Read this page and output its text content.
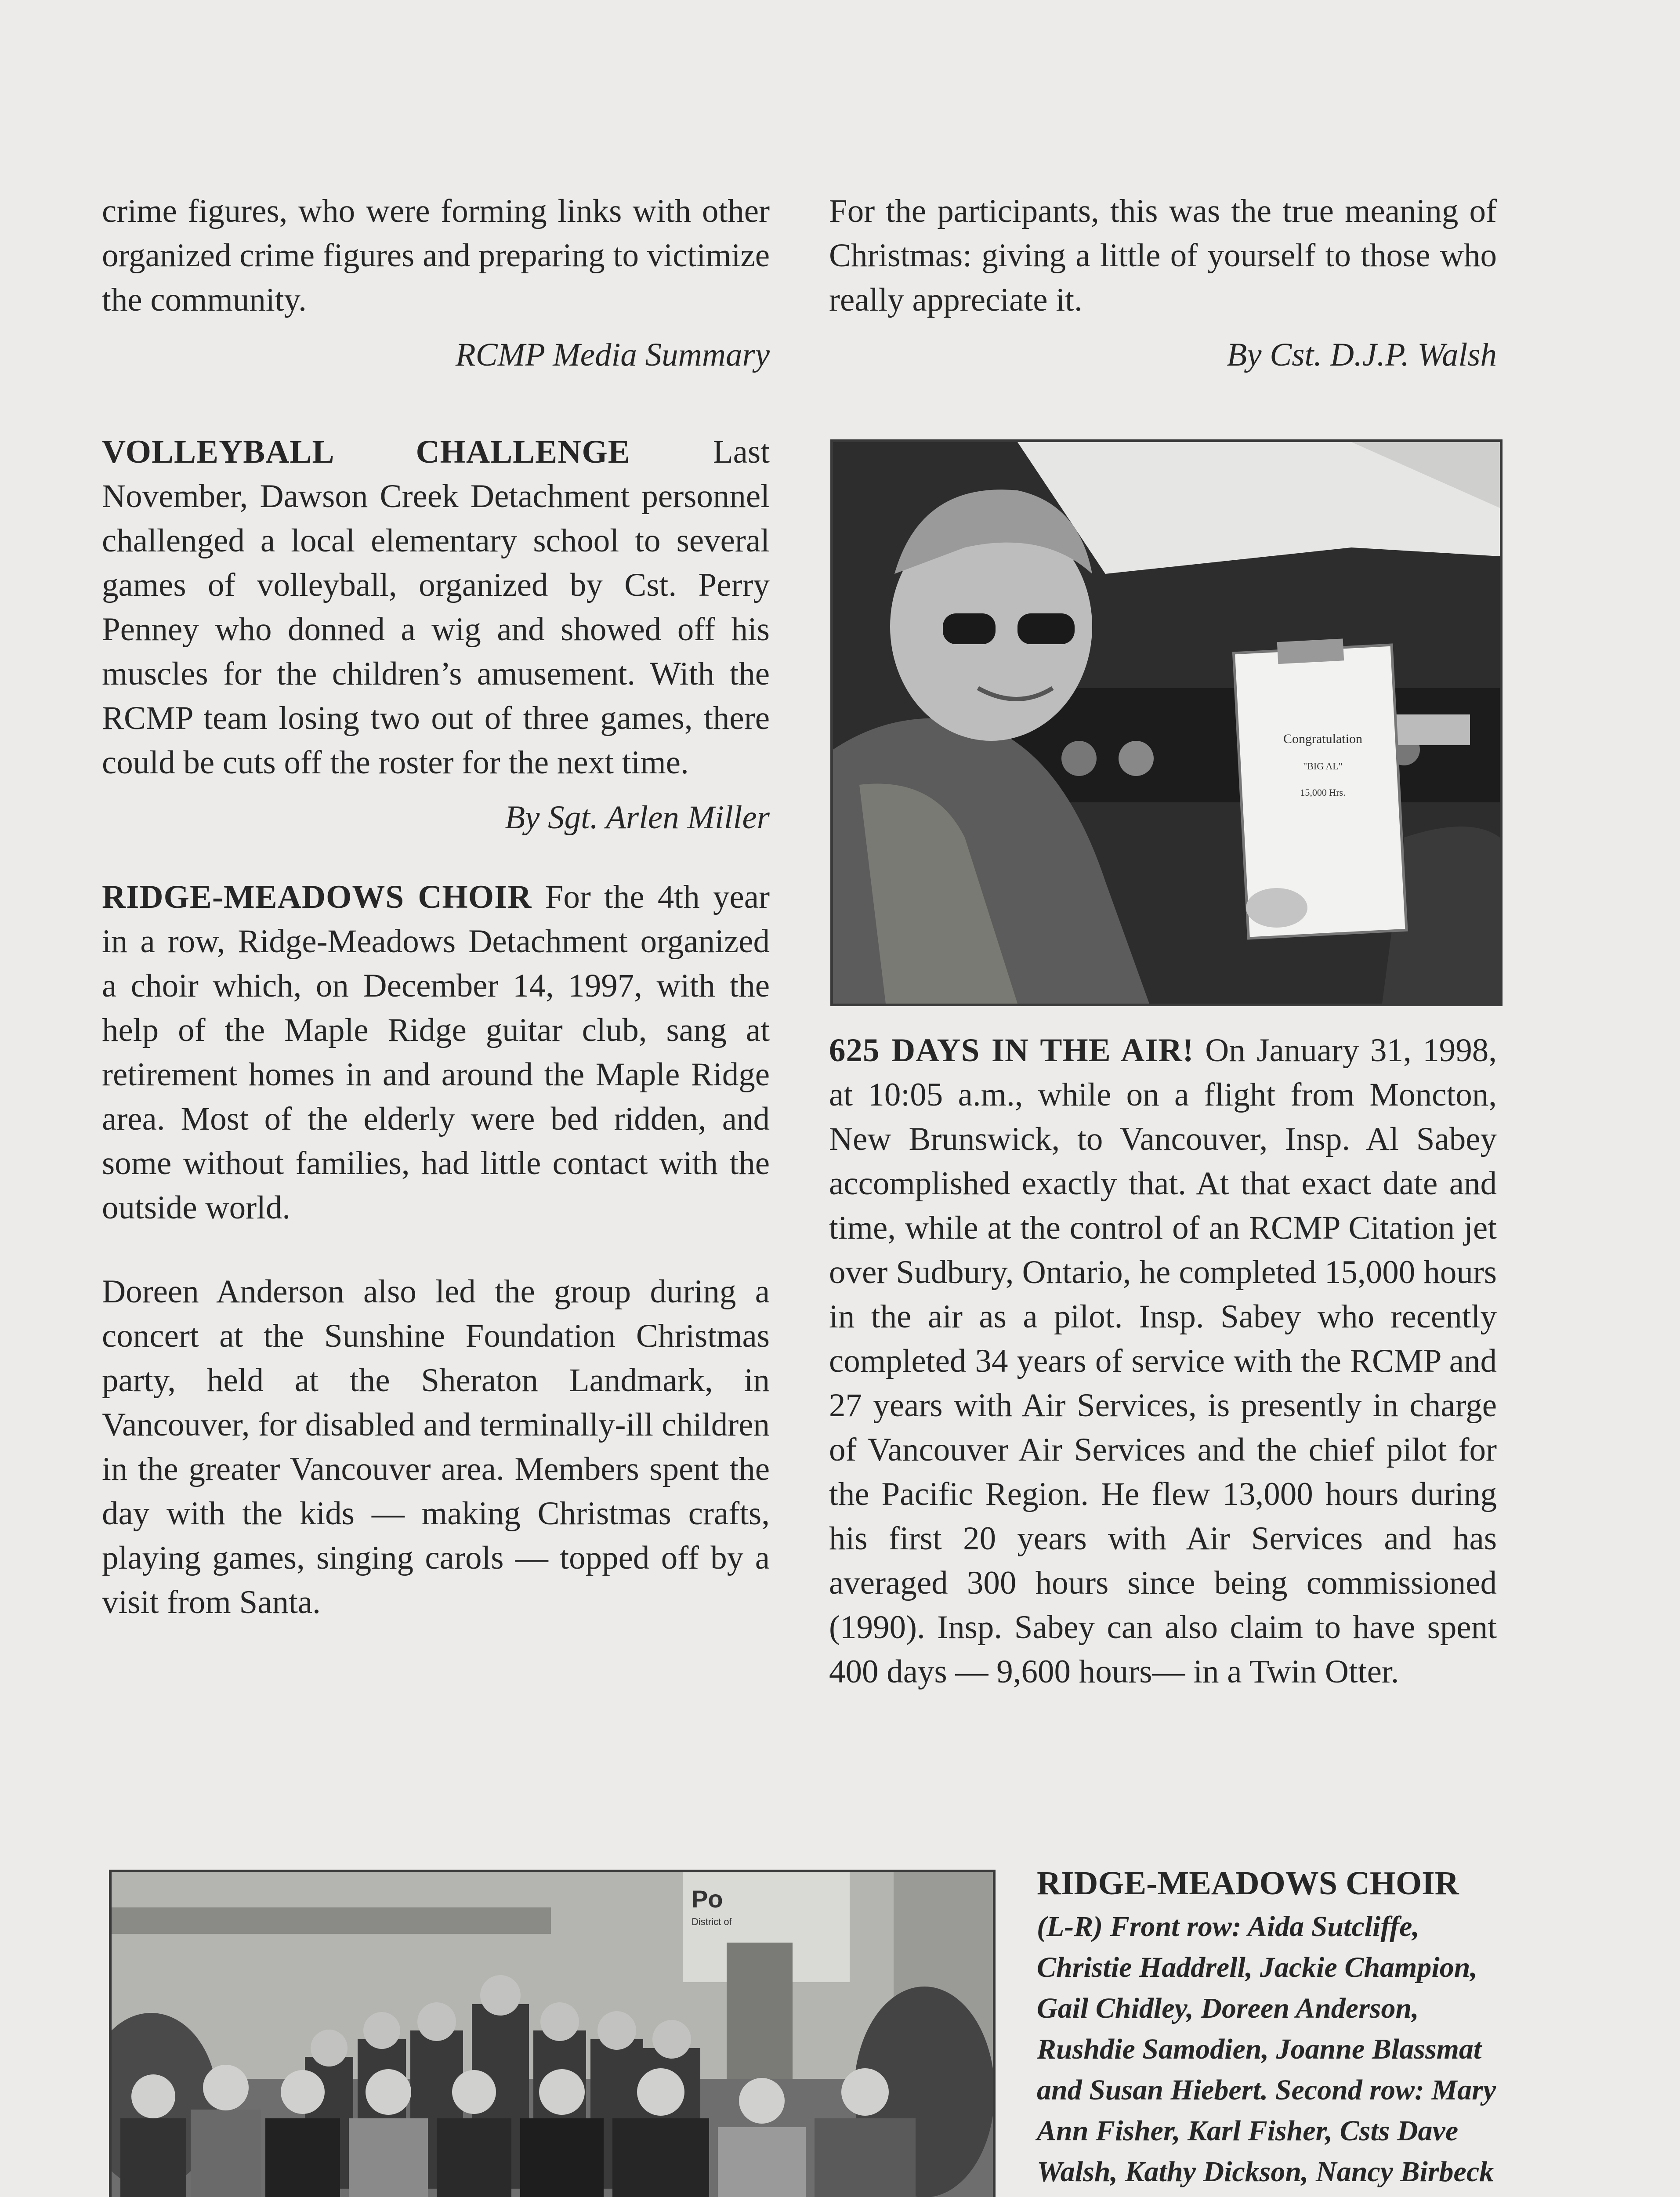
crime figures, who were forming links with other organized crime figures and preparing to victimize the community.

RCMP Media Summary

VOLLEYBALL CHALLENGE Last November, Dawson Creek Detachment personnel challenged a local elementary school to several games of volleyball, organized by Cst. Perry Penney who donned a wig and showed off his muscles for the children’s amusement. With the RCMP team losing two out of three games, there could be cuts off the roster for the next time.

By Sgt. Arlen Miller

RIDGE-MEADOWS CHOIR For the 4th year in a row, Ridge-Meadows Detachment organized a choir which, on December 14, 1997, with the help of the Maple Ridge guitar club, sang at retirement homes in and around the Maple Ridge area. Most of the elderly were bed ridden, and some without families, had little contact with the outside world.

Doreen Anderson also led the group during a concert at the Sunshine Foundation Christmas party, held at the Sheraton Landmark, in Vancouver, for disabled and terminally-ill children in the greater Vancouver area. Members spent the day with the kids — making Christmas crafts, playing games, singing carols — topped off by a visit from Santa.

For the participants, this was the true meaning of Christmas: giving a little of yourself to those who really appreciate it.

By Cst. D.J.P. Walsh

625 DAYS IN THE AIR! On January 31, 1998, at 10:05 a.m., while on a flight from Moncton, New Brunswick, to Vancouver, Insp. Al Sabey accomplished exactly that. At that exact date and time, while at the control of an RCMP Citation jet over Sudbury, Ontario, he completed 15,000 hours in the air as a pilot. Insp. Sabey who recently completed 34 years of service with the RCMP and 27 years with Air Services, is presently in charge of Vancouver Air Services and the chief pilot for the Pacific Region. He flew 13,000 hours during his first 20 years with Air Services and has averaged 300 hours since being commissioned (1990). Insp. Sabey can also claim to have spent 400 days — 9,600 hours— in a Twin Otter.

Congratulation
"BIG AL"
15,000 Hrs.
Po
District of
RIDGE-MEADOWS CHOIR
(L-R) Front row: Aida Sutcliffe, Christie Haddrell, Jackie Champion, Gail Chidley, Doreen Anderson, Rushdie Samodien, Joanne Blassmat and Susan Hiebert. Second row: Mary Ann Fisher, Karl Fisher, Csts Dave Walsh, Kathy Dickson, Nancy Birbeck
